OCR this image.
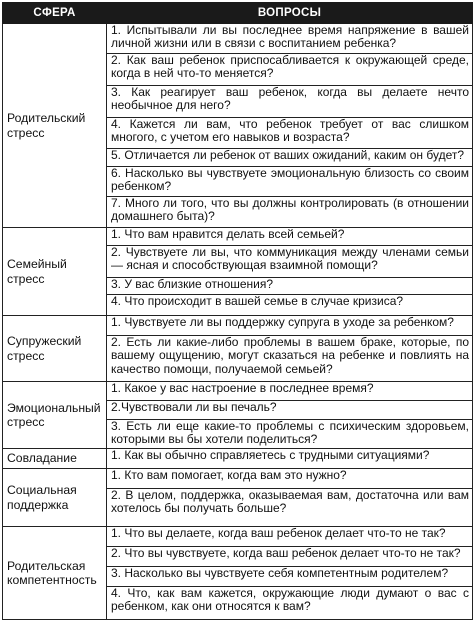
СФЕРА	ВОПРОСЫ
Родительский стресс	1. Испытывали ли вы последнее время напряжение в вашей личной жизни или в связи с воспитанием ребенка?
	2. Как ваш ребенок приспосабливается к окружающей среде, когда в ней что-то меняется?
	3. Как реагирует ваш ребенок, когда вы делаете нечто необычное для него?
	4. Кажется ли вам, что ребенок требует от вас слишком многого, с учетом его навыков и возраста?
	5. Отличается ли ребенок от ваших ожиданий, каким он будет?
	6. Насколько вы чувствуете эмоциональную близость со своим ребенком?
	7. Много ли того, что вы должны контролировать (в отношении домашнего быта)?
Семейный стресс	1. Что вам нравится делать всей семьей?
	2. Чувствуете ли вы, что коммуникация между членами семьи — ясная и способствующая взаимной помощи?
	3. У вас близкие отношения?
	4. Что происходит в вашей семье в случае кризиса?
Супружеский стресс	1. Чувствуете ли вы поддержку супруга в уходе за ребенком?
	2. Есть ли какие-либо проблемы в вашем браке, которые, по вашему ощущению, могут сказаться на ребенке и повлиять на качество помощи, получаемой семьей?
Эмоциональный стресс	1. Какое у вас настроение в последнее время?
	2.Чувствовали ли вы печаль?
	3. Есть ли еще какие-то проблемы с психическим здоровьем, которыми вы бы хотели поделиться?
Совладание	1. Как вы обычно справляетесь с трудными ситуациями?
Социальная поддержка	1. Кто вам помогает, когда вам это нужно?
	2. В целом, поддержка, оказываемая вам, достаточна или вам хотелось бы получать больше?
Родительская компетентность	1. Что вы делаете, когда ваш ребенок делает что-то не так?
	2. Что вы чувствуете, когда ваш ребенок делает что-то не так?
	3. Насколько вы чувствуете себя компетентным родителем?
	4. Что, как вам кажется, окружающие люди думают о вас с ребенком, как они относятся к вам?
